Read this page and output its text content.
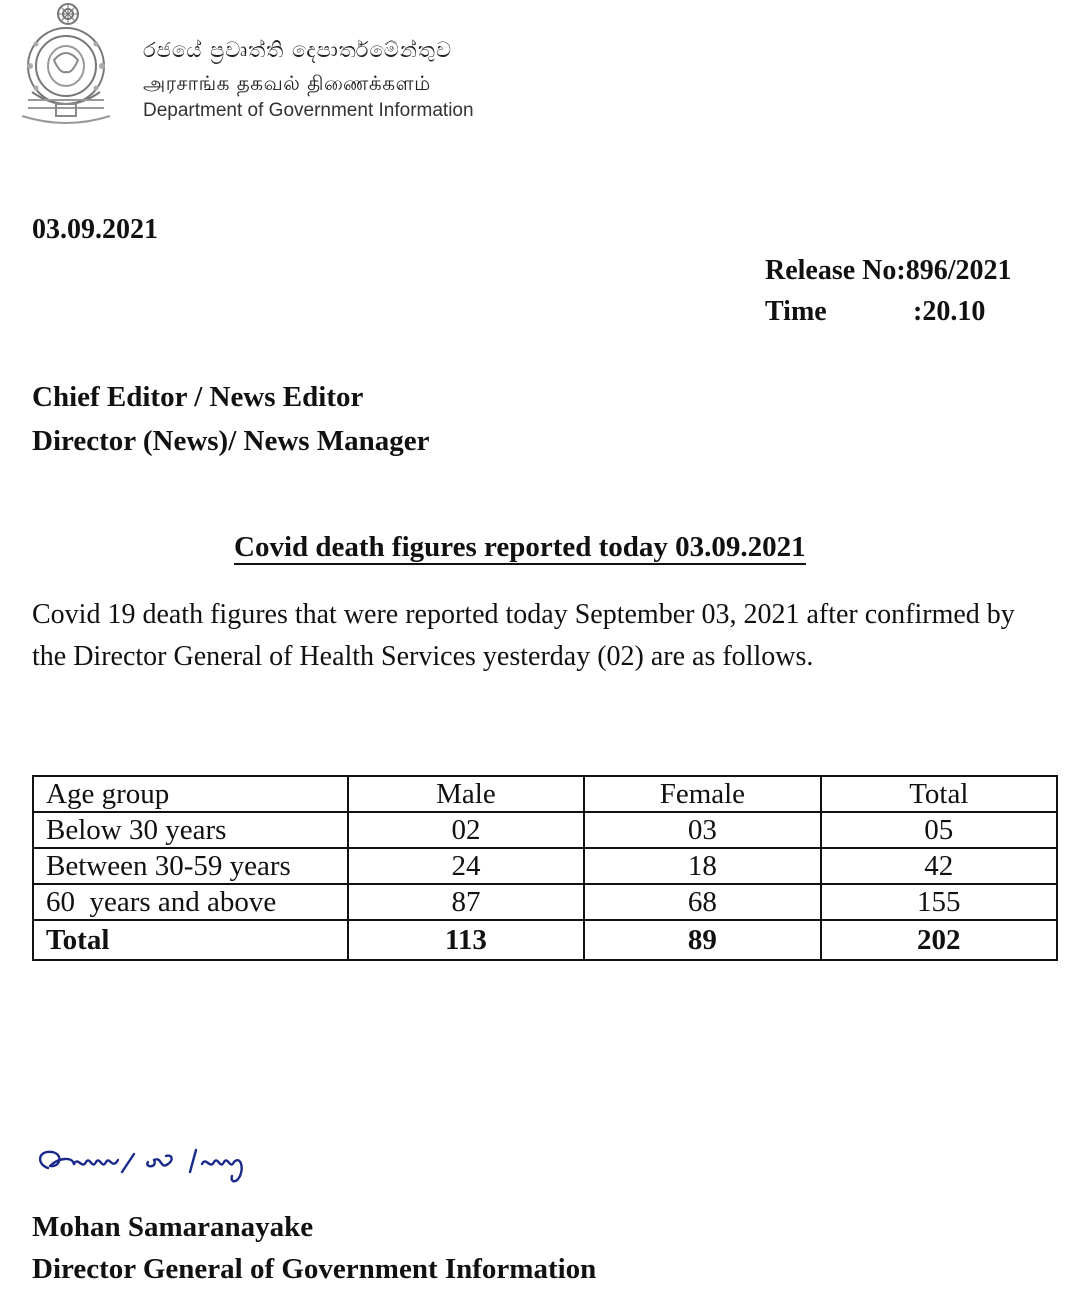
රජයේ ප්‍රවෘත්ති දෙපාර්තමේන්තුව
அரசாங்க தகவல் திணைக்களம்
Department of Government Information
03.09.2021
Release No:896/2021
Time	:20.10
Chief Editor / News Editor
Director (News)/ News Manager
Covid death figures reported today 03.09.2021

Covid 19 death figures that were reported today September 03, 2021 after confirmed by the Director General of Health Services yesterday (02) are as follows.

Age group	Male	Female	Total
Below 30 years	02	03	05
Between 30-59 years	24	18	42
60  years and above	87	68	155
Total	113	89	202
Mohan Samaranayake
Director General of Government Information
